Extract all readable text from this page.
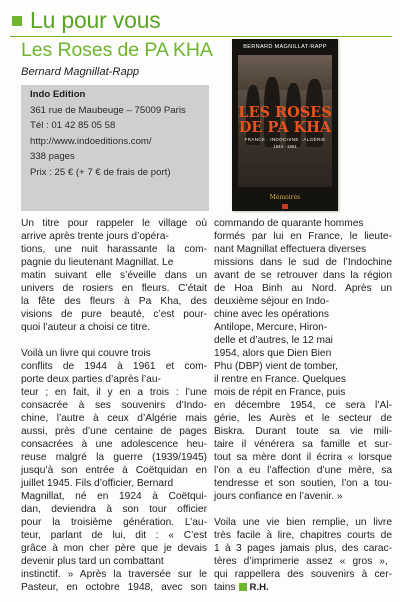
Lu pour vous
Les Roses de PA KHA
Bernard Magnillat-Rapp
Indo Edition
361 rue de Maubeuge – 75009 Paris
Tél : 01 42 85 05 58
http://www.indoeditions.com/
338 pages
Prix : 25 € (+ 7 € de frais de port)
BERNARD MAGNILLAT-RAPP
LES ROSES
DE PA KHA
FRANCE · INDOCHINE · ALGÉRIE
1944 · 1961
Mémoires
Un titre pour rappeler le village où
arrive après trente jours d’opéra-
tions, une nuit harassante la com-
pagnie du lieutenant Magnillat. Le
matin suivant elle s’éveille dans un
univers de rosiers en fleurs. C’était
la fête des fleurs à Pa Kha, des
visions de pure beauté, c’est pour-
quoi l’auteur a choisi ce titre.
Voilà un livre qui couvre trois
conflits de 1944 à 1961 et com-
porte deux parties d’après l’au-
teur ; en fait, il y en a trois : l’une
consacrée à ses souvenirs d’Indo-
chine, l’autre à ceux d’Algérie mais
aussi, près d’une centaine de pages
consacrées à une adolescence heu-
reuse malgré la guerre (1939/1945)
jusqu’à son entrée à Coëtquidan en
juillet 1945. Fils d’officier, Bernard
Magnillat, né en 1924 à Coëtqui-
dan, deviendra à son tour officier
pour la troisième génération. L’au-
teur, parlant de lui, dit : « C’est
grâce à mon cher père que je devais
devenir plus tard un combattant
instinctif. » Après la traversée sur le
Pasteur, en octobre 1948, avec son
commando de quarante hommes
formés par lui en France, le lieute-
nant Magnillat effectuera diverses
missions dans le sud de l’Indochine
avant de se retrouver dans la région
de Hoa Binh au Nord. Après un
deuxième séjour en Indo-
chine avec les opérations
Antilope, Mercure, Hiron-
delle et d’autres, le 12 mai
1954, alors que Dien Bien
Phu (DBP) vient de tomber,
il rentre en France. Quelques
mois de répit en France, puis
en décembre 1954, ce sera l’Al-
gérie, les Aurès et le secteur de
Biskra. Durant toute sa vie mili-
taire il vénérera sa famille et sur-
tout sa mère dont il écrira « lorsque
l’on a eu l’affection d’une mère, sa
tendresse et son soutien, l’on a tou-
jours confiance en l’avenir. »
Voila une vie bien remplie, un livre
très facile à lire, chapitres courts de
1 à 3 pages jamais plus, des carac-
tères d’imprimerie assez « gros »,
qui rappellera des souvenirs à cer-
tains R.H.
